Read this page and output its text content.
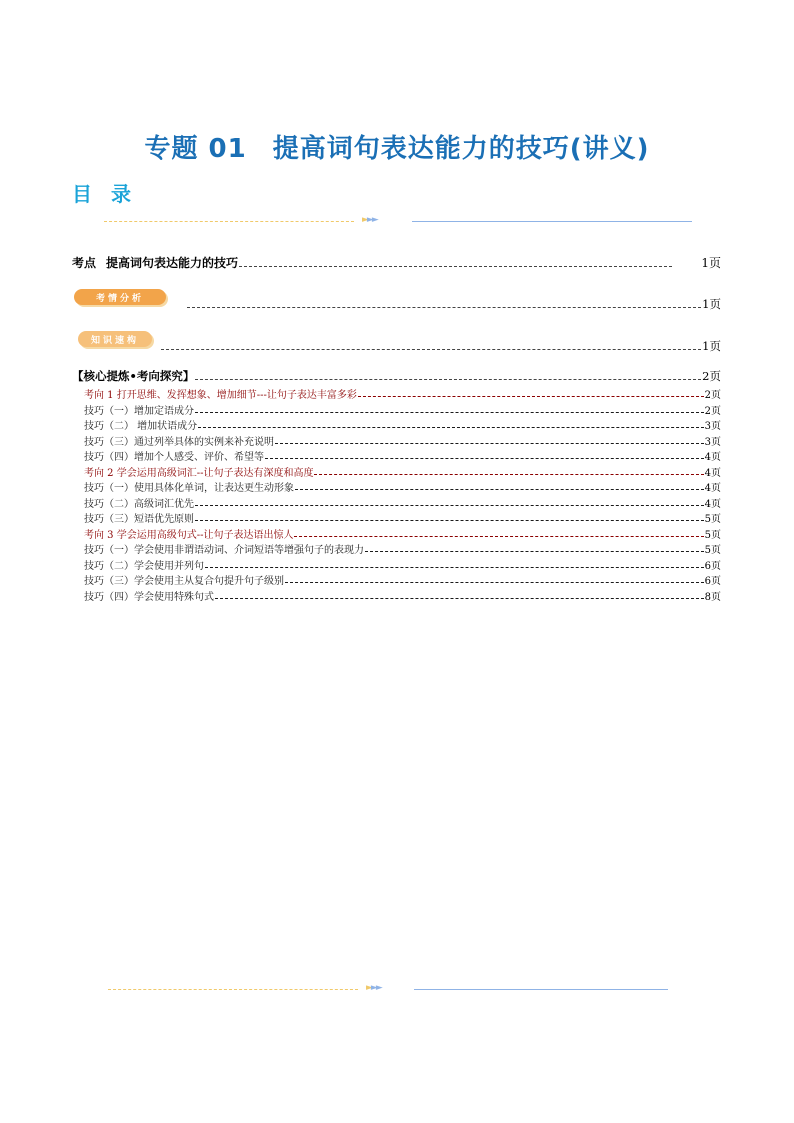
专题 01 提高词句表达能力的技巧(讲义)
目 录
►►►
考点 提高词句表达能力的技巧	1页
考情分析	1页
知识速构	1页
【核心提炼•考向探究】	2页
考向 1 打开思维、发挥想象、增加细节---让句子表达丰富多彩	2页
技巧（一）增加定语成分	2页
技巧（二） 增加状语成分	3页
技巧（三）通过列举具体的实例来补充说明	3页
技巧（四）增加个人感受、评价、希望等	4页
考向 2 学会运用高级词汇--让句子表达有深度和高度	4页
技巧（一）使用具体化单词，让表达更生动形象	4页
技巧（二）高级词汇优先	4页
技巧（三）短语优先原则	5页
考向 3 学会运用高级句式--让句子表达语出惊人	5页
技巧（一）学会使用非谓语动词、介词短语等增强句子的表现力	5页
技巧（二）学会使用并列句	6页
技巧（三）学会使用主从复合句提升句子级别	6页
技巧（四）学会使用特殊句式	8页
►►►
